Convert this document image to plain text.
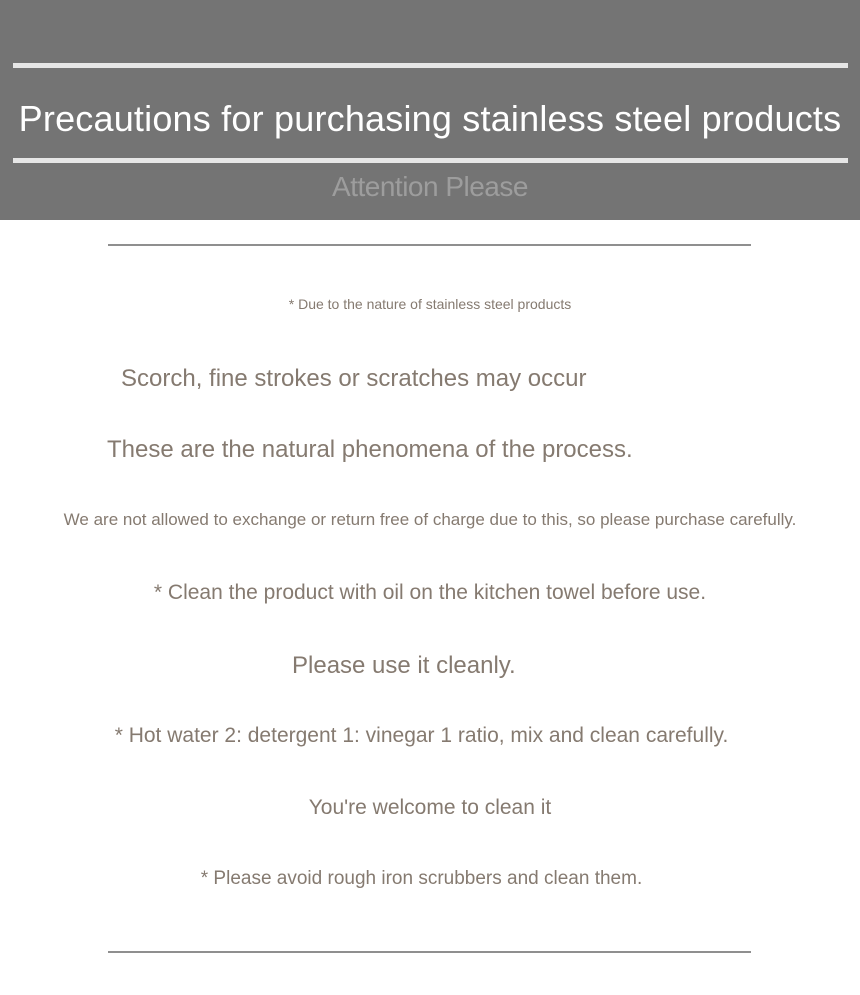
Precautions for purchasing stainless steel products
Attention Please
* Due to the nature of stainless steel products
Scorch, fine strokes or scratches may occur
These are the natural phenomena of the process.
We are not allowed to exchange or return free of charge due to this, so please purchase carefully.
* Clean the product with oil on the kitchen towel before use.
Please use it cleanly.
* Hot water 2: detergent 1: vinegar 1 ratio, mix and clean carefully.
You're welcome to clean it
* Please avoid rough iron scrubbers and clean them.
